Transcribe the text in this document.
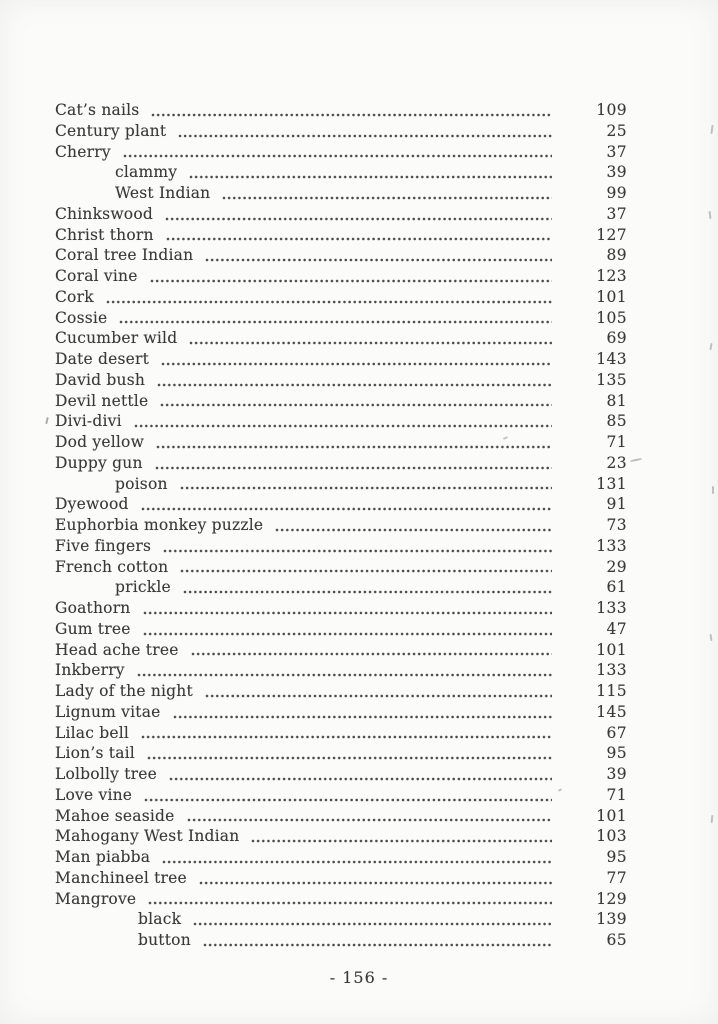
Cat’s nails	109
Century plant	25
Cherry	37
clammy	39
West Indian	99
Chinkswood	37
Christ thorn	127
Coral tree Indian	89
Coral vine	123
Cork	101
Cossie	105
Cucumber wild	69
Date desert	143
David bush	135
Devil nettle	81
Divi-divi	85
Dod yellow	71
Duppy gun	23
poison	131
Dyewood	91
Euphorbia monkey puzzle	73
Five fingers	133
French cotton	29
prickle	61
Goathorn	133
Gum tree	47
Head ache tree	101
Inkberry	133
Lady of the night	115
Lignum vitae	145
Lilac bell	67
Lion’s tail	95
Lolbolly tree	39
Love vine	71
Mahoe seaside	101
Mahogany West Indian	103
Man piabba	95
Manchineel tree	77
Mangrove	129
black	139
button	65
- 156 -
